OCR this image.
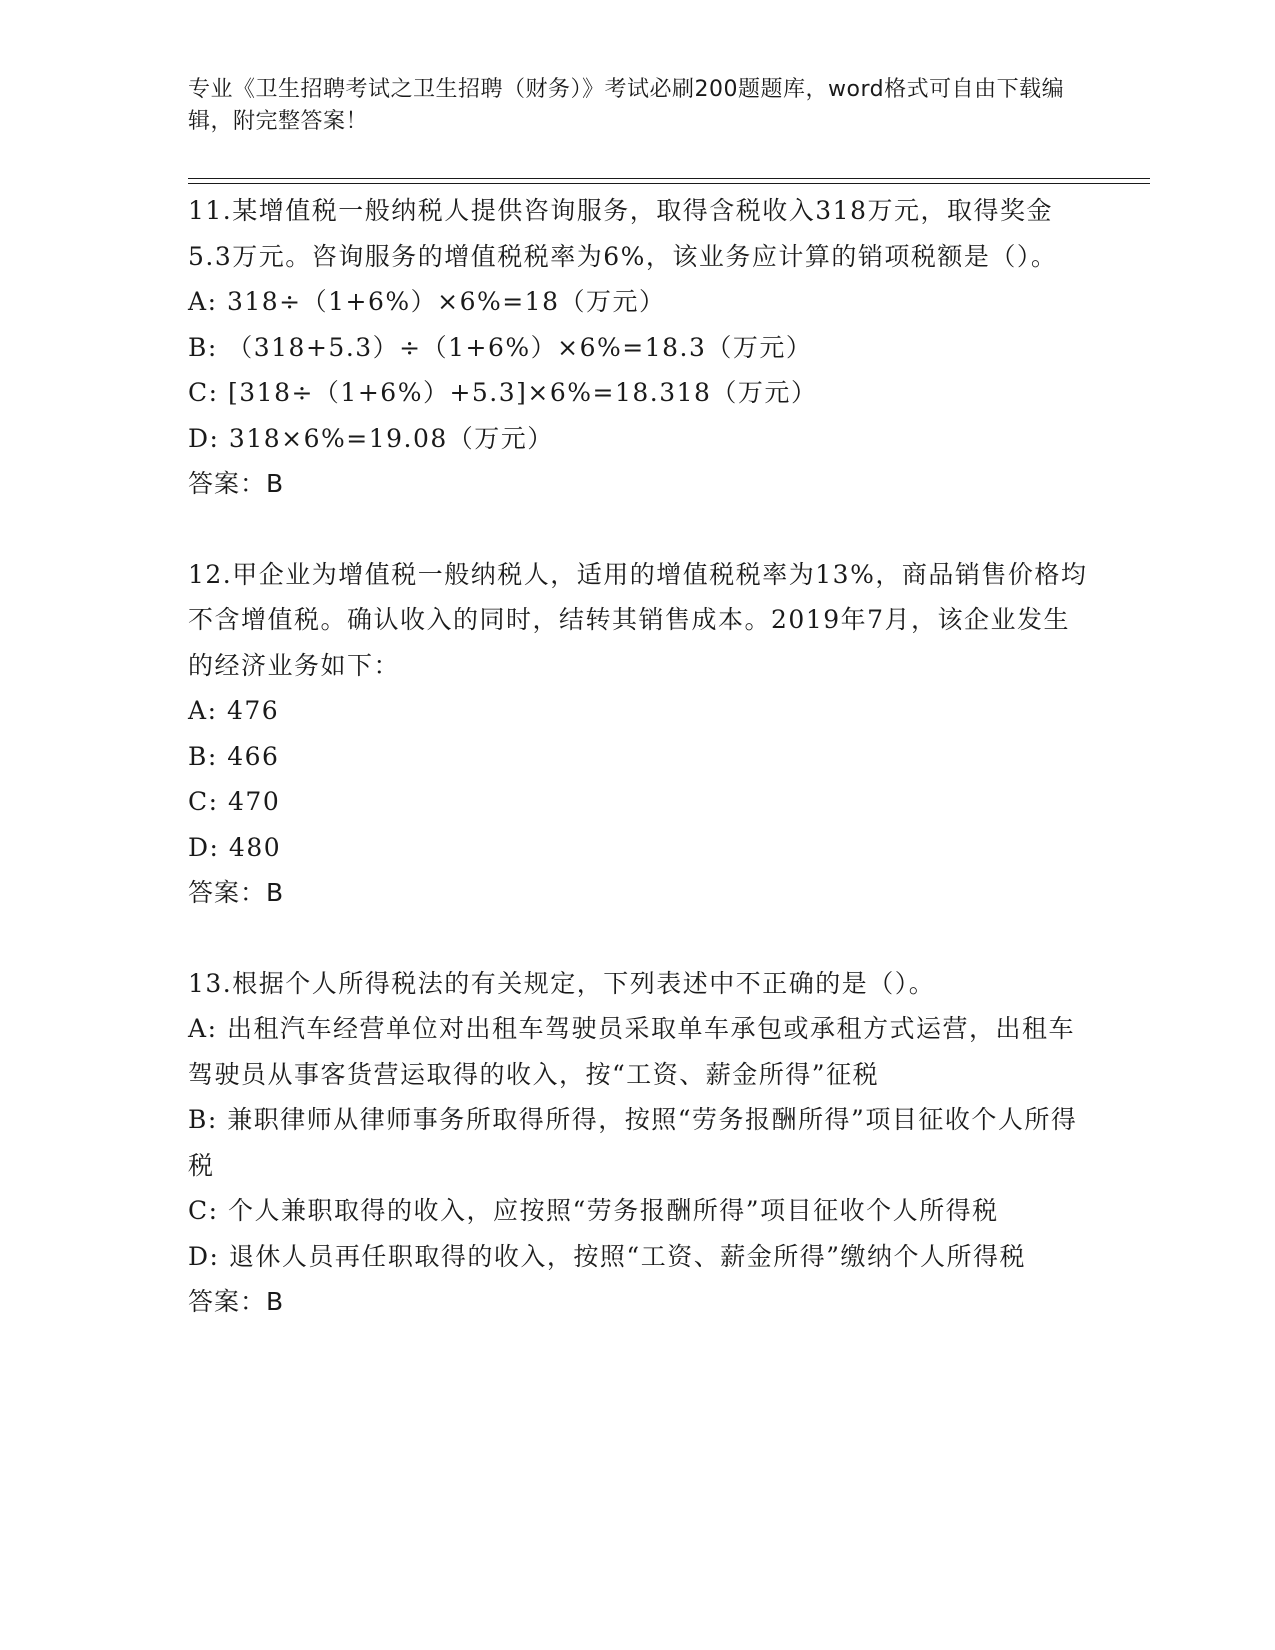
专业《卫生招聘考试之卫生招聘（财务）》考试必刷200题题库，word格式可自由下载编辑，附完整答案！
11.某增值税一般纳税人提供咨询服务，取得含税收入318万元，取得奖金5.3万元。咨询服务的增值税税率为6%，该业务应计算的销项税额是（）。
A: 318÷（1+6%）×6%=18（万元）
B: （318+5.3）÷（1+6%）×6%=18.3（万元）
C: [318÷（1+6%）+5.3]×6%=18.318（万元）
D: 318×6%=19.08（万元）
答案：B
12.甲企业为增值税一般纳税人，适用的增值税税率为13%，商品销售价格均不含增值税。确认收入的同时，结转其销售成本。2019年7月，该企业发生的经济业务如下：
A: 476
B: 466
C: 470
D: 480
答案：B
13.根据个人所得税法的有关规定，下列表述中不正确的是（）。
A: 出租汽车经营单位对出租车驾驶员采取单车承包或承租方式运营，出租车驾驶员从事客货营运取得的收入，按“工资、薪金所得”征税
B: 兼职律师从律师事务所取得所得，按照“劳务报酬所得”项目征收个人所得税
C: 个人兼职取得的收入，应按照“劳务报酬所得”项目征收个人所得税
D: 退休人员再任职取得的收入，按照“工资、薪金所得”缴纳个人所得税
答案：B
